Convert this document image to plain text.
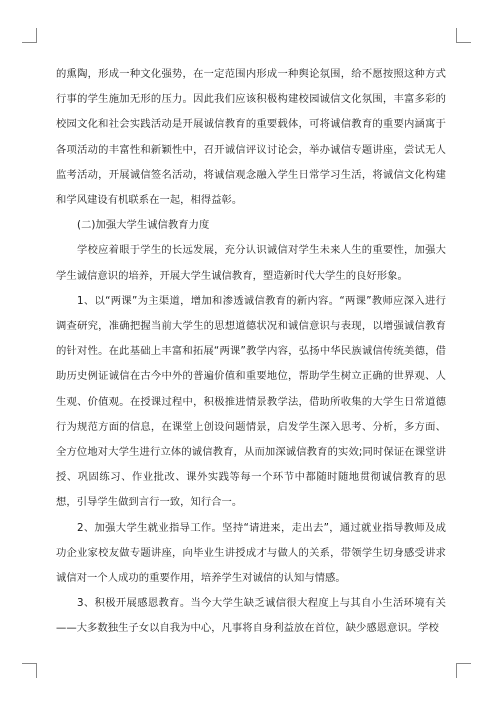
的熏陶，形成一种文化强势，在一定范围内形成一种舆论氛围，给不愿按照这种方式行事的学生施加无形的压力。因此我们应该积极构建校园诚信文化氛围，丰富多彩的校园文化和社会实践活动是开展诚信教育的重要载体，可将诚信教育的重要内涵寓于各项活动的丰富性和新颖性中，召开诚信评议讨论会，举办诚信专题讲座，尝试无人监考活动，开展诚信签名活动，将诚信观念融入学生日常学习生活，将诚信文化构建和学风建设有机联系在一起，相得益彰。

(二)加强大学生诚信教育力度

学校应着眼于学生的长远发展，充分认识诚信对学生未来人生的重要性，加强大学生诚信意识的培养，开展大学生诚信教育，塑造新时代大学生的良好形象。

1、以“两课”为主渠道，增加和渗透诚信教育的新内容。“两课”教师应深入进行调查研究，准确把握当前大学生的思想道德状况和诚信意识与表现，以增强诚信教育的针对性。在此基础上丰富和拓展“两课”教学内容，弘扬中华民族诚信传统美德，借助历史例证诚信在古今中外的普遍价值和重要地位，帮助学生树立正确的世界观、人生观、价值观。在授课过程中，积极推进情景教学法，借助所收集的大学生日常道德行为规范方面的信息，在课堂上创设问题情景，启发学生深入思考、分析，多方面、全方位地对大学生进行立体的诚信教育，从而加深诚信教育的实效;同时保证在课堂讲授、巩固练习、作业批改、课外实践等每一个环节中都随时随地贯彻诚信教育的思想，引导学生做到言行一致，知行合一。

2、加强大学生就业指导工作。坚持“请进来，走出去”，通过就业指导教师及成功企业家校友做专题讲座，向毕业生讲授成才与做人的关系，带领学生切身感受讲求诚信对一个人成功的重要作用，培养学生对诚信的认知与情感。

3、积极开展感恩教育。当今大学生缺乏诚信很大程度上与其自小生活环境有关——大多数独生子女以自我为中心，凡事将自身利益放在首位，缺少感恩意识。学校
